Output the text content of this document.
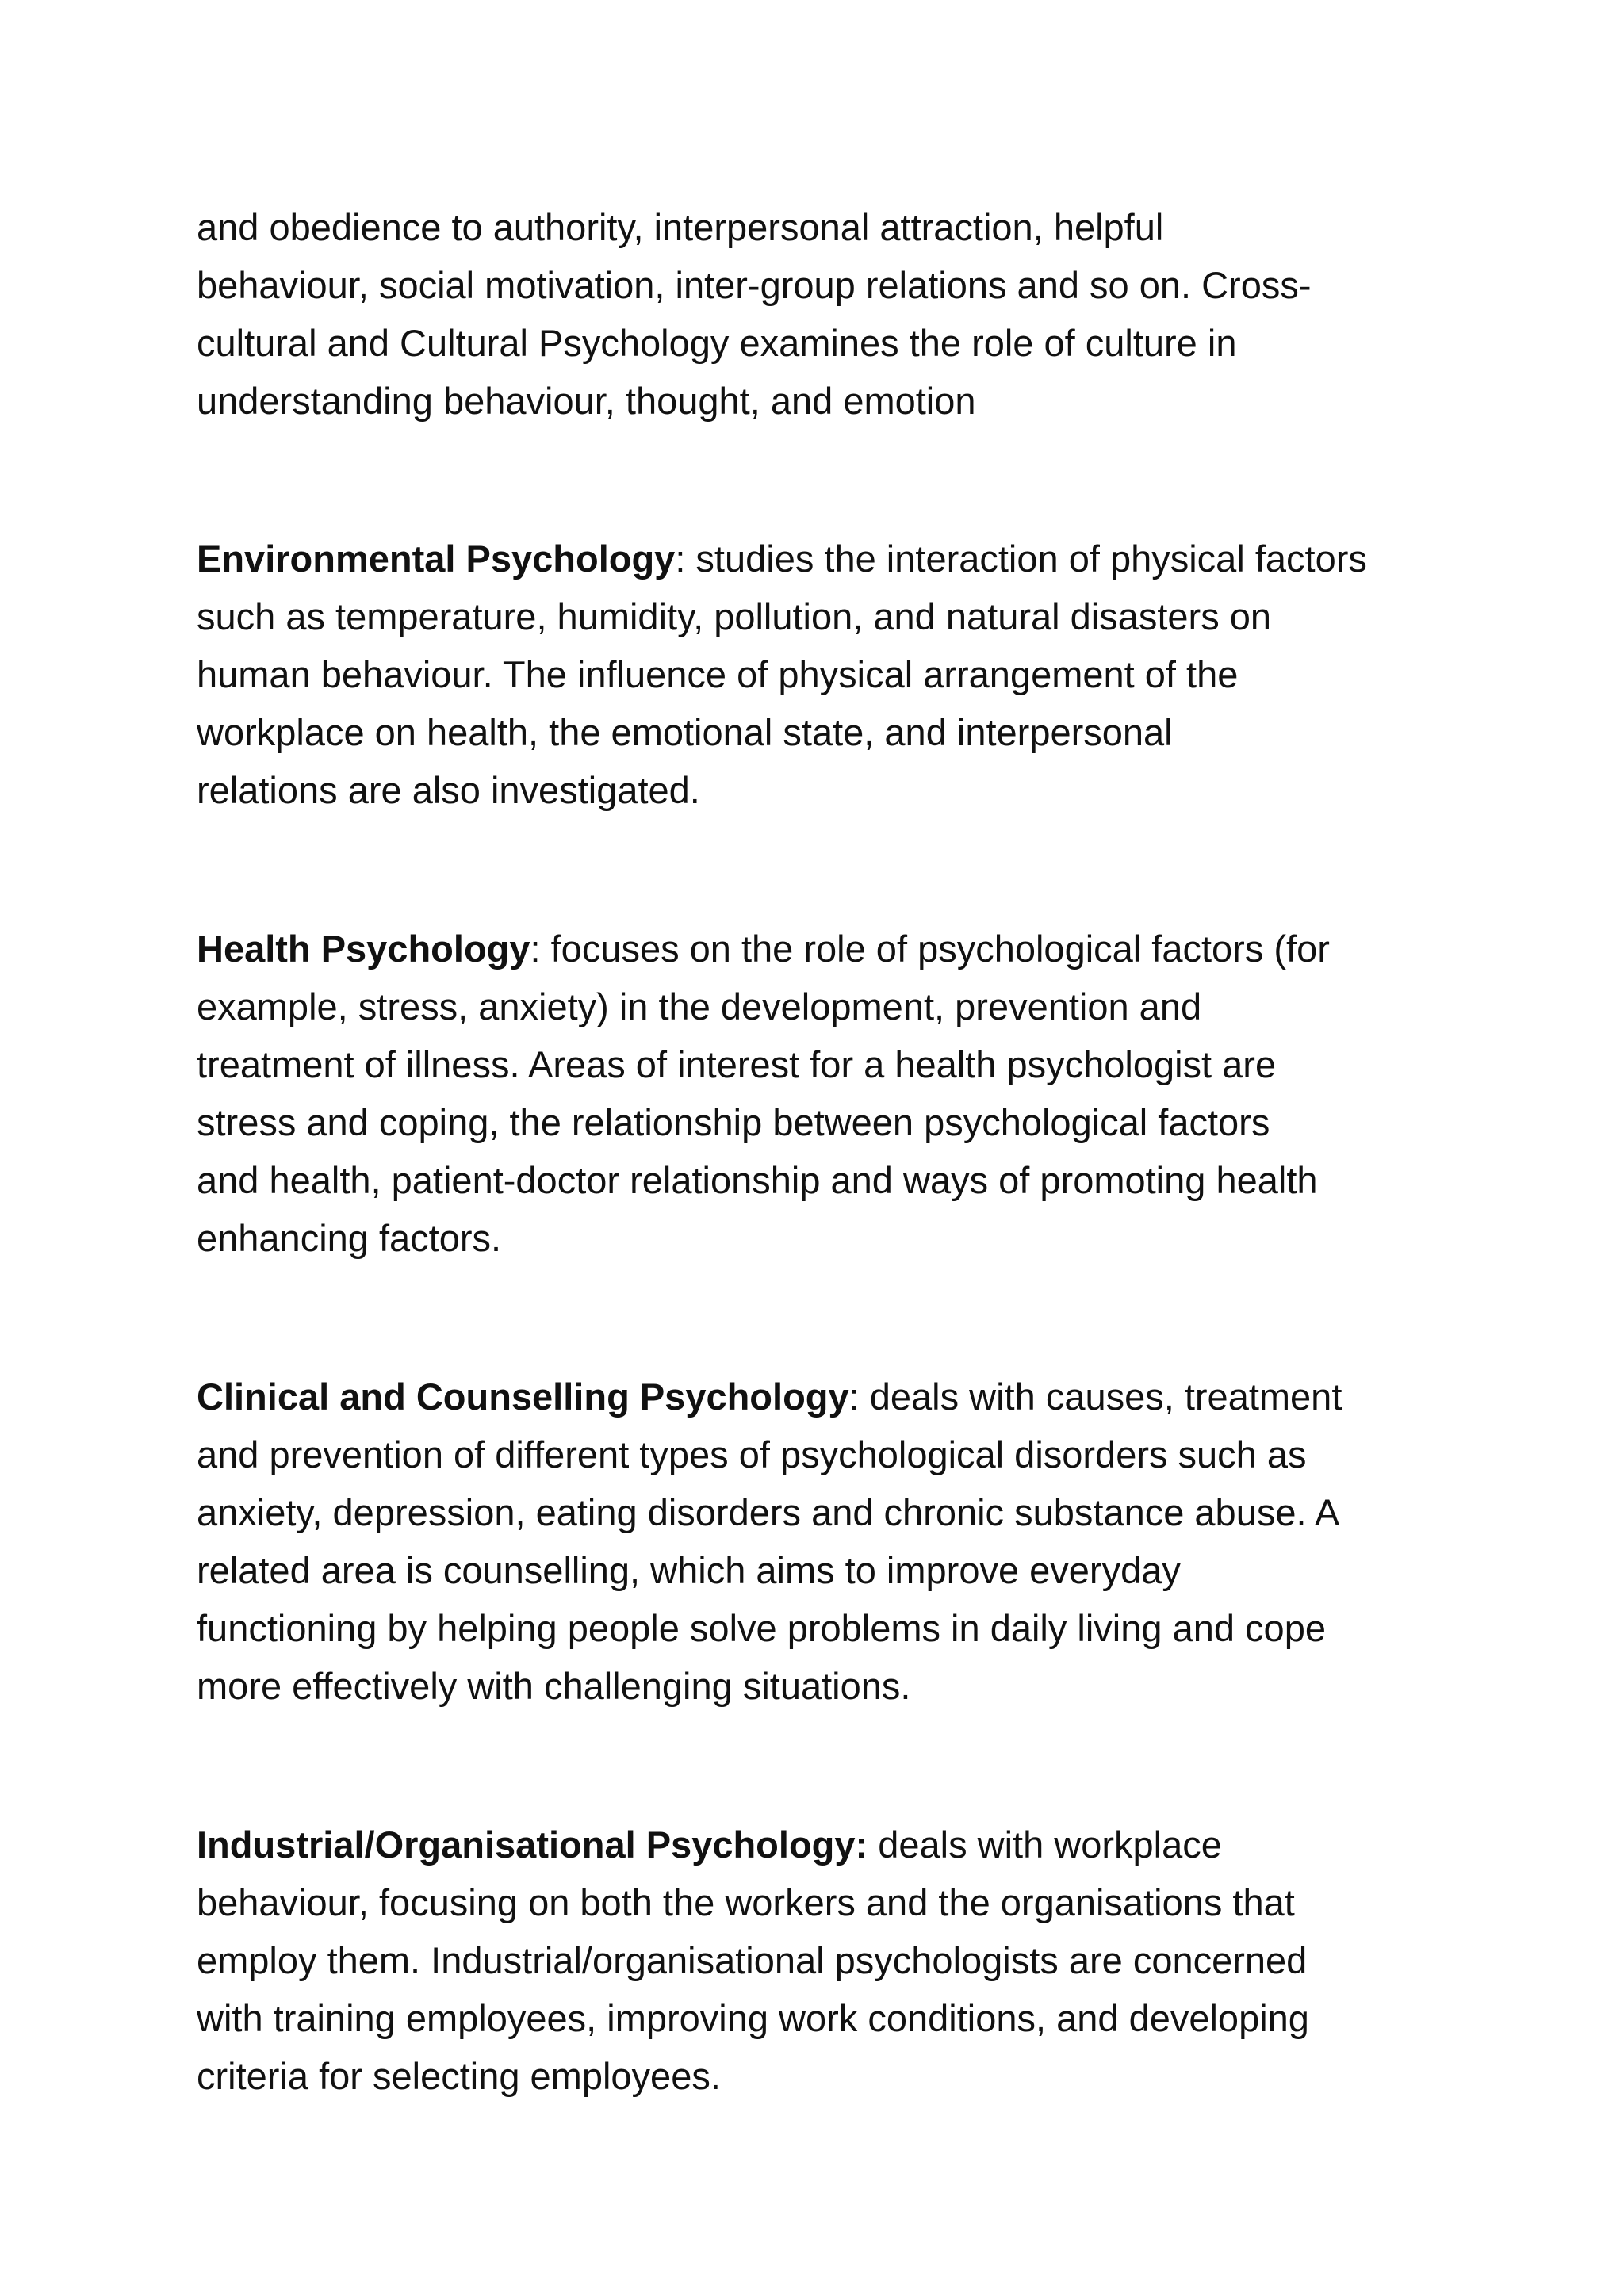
and obedience to authority, interpersonal attraction, helpful
behaviour, social motivation, inter-group relations and so on. Cross-
cultural and Cultural Psychology examines the role of culture in
understanding behaviour, thought, and emotion

Environmental Psychology: studies the interaction of physical factors
such as temperature, humidity, pollution, and natural disasters on
human behaviour. The influence of physical arrangement of the
workplace on health, the emotional state, and interpersonal
relations are also investigated.

Health Psychology: focuses on the role of psychological factors (for
example, stress, anxiety) in the development, prevention and
treatment of illness. Areas of interest for a health psychologist are
stress and coping, the relationship between psychological factors
and health, patient-doctor relationship and ways of promoting health
enhancing factors.

Clinical and Counselling Psychology: deals with causes, treatment
and prevention of different types of psychological disorders such as
anxiety, depression, eating disorders and chronic substance abuse. A
related area is counselling, which aims to improve everyday
functioning by helping people solve problems in daily living and cope
more effectively with challenging situations.

Industrial/Organisational Psychology: deals with workplace
behaviour, focusing on both the workers and the organisations that
employ them. Industrial/organisational psychologists are concerned
with training employees, improving work conditions, and developing
criteria for selecting employees.
